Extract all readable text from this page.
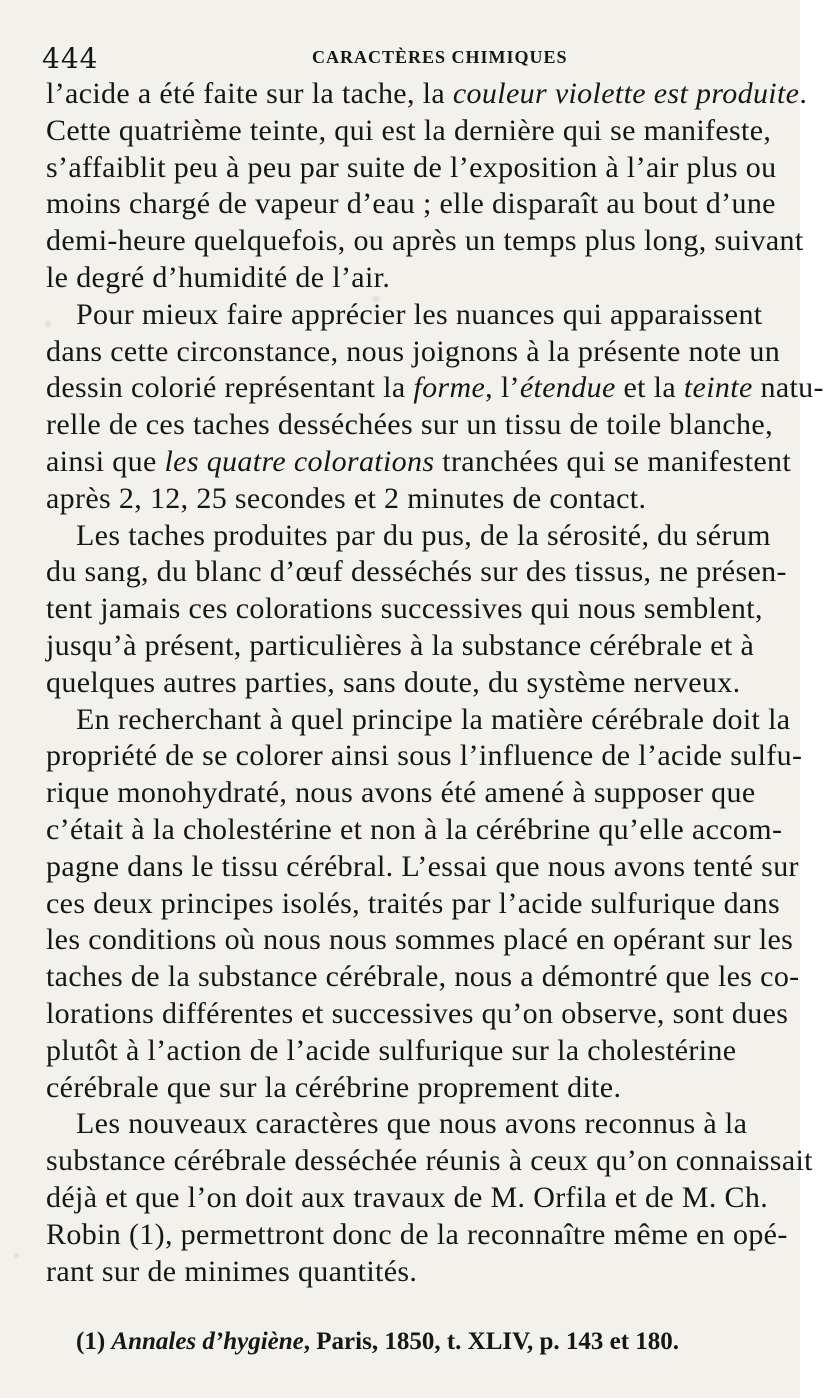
444	CARACTÈRES CHIMIQUES
l’acide a été faite sur la tache, la couleur violette est produite.
Cette quatrième teinte, qui est la dernière qui se manifeste,
s’affaiblit peu à peu par suite de l’exposition à l’air plus ou
moins chargé de vapeur d’eau ; elle disparaît au bout d’une
demi-heure quelquefois, ou après un temps plus long, suivant
le degré d’humidité de l’air.
Pour mieux faire apprécier les nuances qui apparaissent
dans cette circonstance, nous joignons à la présente note un
dessin colorié représentant la forme, l’étendue et la teinte natu-
relle de ces taches desséchées sur un tissu de toile blanche,
ainsi que les quatre colorations tranchées qui se manifestent
après 2, 12, 25 secondes et 2 minutes de contact.
Les taches produites par du pus, de la sérosité, du sérum
du sang, du blanc d’œuf desséchés sur des tissus, ne présen-
tent jamais ces colorations successives qui nous semblent,
jusqu’à présent, particulières à la substance cérébrale et à
quelques autres parties, sans doute, du système nerveux.
En recherchant à quel principe la matière cérébrale doit la
propriété de se colorer ainsi sous l’influence de l’acide sulfu-
rique monohydraté, nous avons été amené à supposer que
c’était à la cholestérine et non à la cérébrine qu’elle accom-
pagne dans le tissu cérébral. L’essai que nous avons tenté sur
ces deux principes isolés, traités par l’acide sulfurique dans
les conditions où nous nous sommes placé en opérant sur les
taches de la substance cérébrale, nous a démontré que les co-
lorations différentes et successives qu’on observe, sont dues
plutôt à l’action de l’acide sulfurique sur la cholestérine
cérébrale que sur la cérébrine proprement dite.
Les nouveaux caractères que nous avons reconnus à la
substance cérébrale desséchée réunis à ceux qu’on connaissait
déjà et que l’on doit aux travaux de M. Orfila et de M. Ch.
Robin (1), permettront donc de la reconnaître même en opé-
rant sur de minimes quantités.
(1) Annales d’hygiène, Paris, 1850, t. XLIV, p. 143 et 180.
